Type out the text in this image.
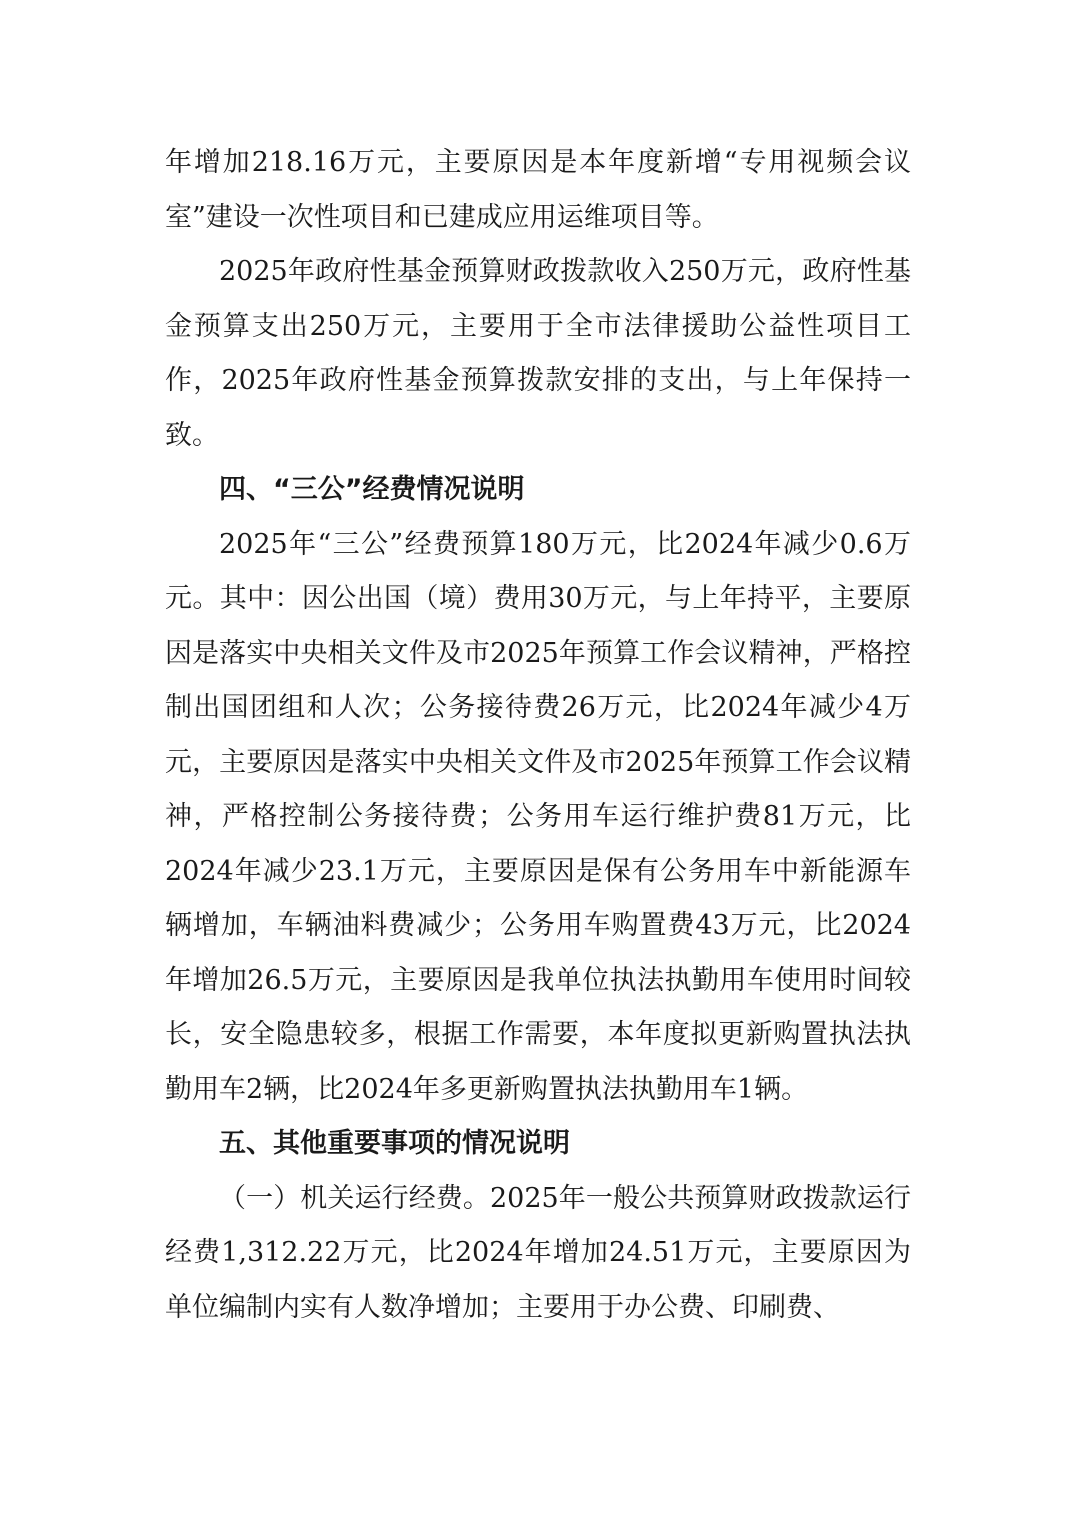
年增加218.16万元，主要原因是本年度新增“专用视频会议室”建设一次性项目和已建成应用运维项目等。

2025年政府性基金预算财政拨款收入250万元，政府性基金预算支出250万元，主要用于全市法律援助公益性项目工作，2025年政府性基金预算拨款安排的支出，与上年保持一致。

四、“三公”经费情况说明

2025年“三公”经费预算180万元，比2024年减少0.6万元。其中：因公出国（境）费用30万元，与上年持平，主要原因是落实中央相关文件及市2025年预算工作会议精神，严格控制出国团组和人次；公务接待费26万元，比2024年减少4万元，主要原因是落实中央相关文件及市2025年预算工作会议精神，严格控制公务接待费；公务用车运行维护费81万元，比2024年减少23.1万元，主要原因是保有公务用车中新能源车辆增加，车辆油料费减少；公务用车购置费43万元，比2024年增加26.5万元，主要原因是我单位执法执勤用车使用时间较长，安全隐患较多，根据工作需要，本年度拟更新购置执法执勤用车2辆，比2024年多更新购置执法执勤用车1辆。

五、其他重要事项的情况说明

（一）机关运行经费。2025年一般公共预算财政拨款运行经费1,312.22万元，比2024年增加24.51万元，主要原因为单位编制内实有人数净增加；主要用于办公费、印刷费、
